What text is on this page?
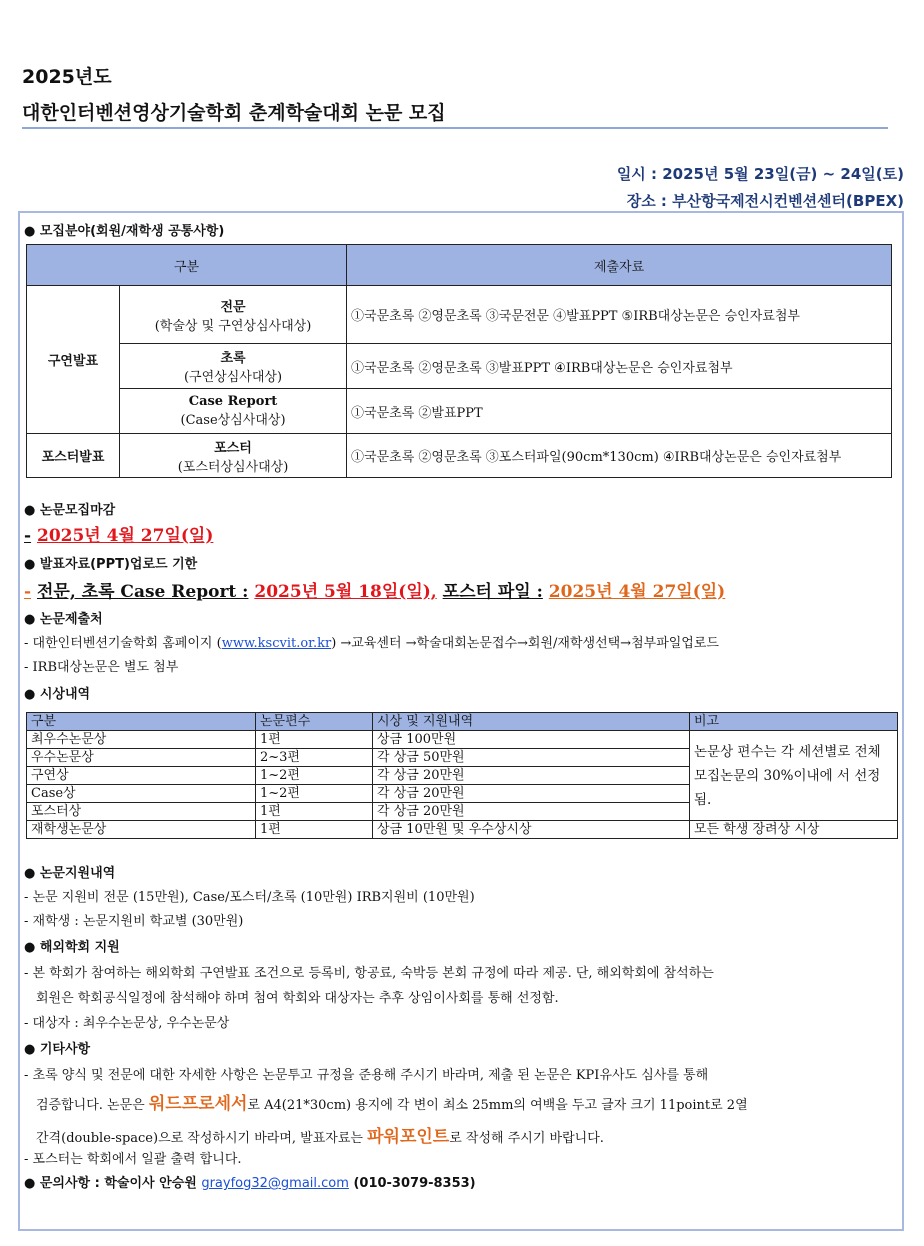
2025년도
대한인터벤션영상기술학회 춘계학술대회 논문 모집
일시 : 2025년 5월 23일(금) ~ 24일(토)
장소 : 부산항국제전시컨벤션센터(BPEX)
● 모집분야(회원/재학생 공통사항)
구분		제출자료
구연발표	전문
(학술상 및 구연상심사대상)	①국문초록 ②영문초록 ③국문전문 ④발표PPT ⑤IRB대상논문은 승인자료첨부
	초록
(구연상심사대상)	①국문초록 ②영문초록 ③발표PPT ④IRB대상논문은 승인자료첨부
	Case Report
(Case상심사대상)	①국문초록 ②발표PPT
포스터발표	포스터
(포스터상심사대상)	①국문초록 ②영문초록 ③포스터파일(90cm*130cm) ④IRB대상논문은 승인자료첨부
● 논문모집마감
- 2025년 4월 27일(일)
● 발표자료(PPT)업로드 기한
- 전문, 초록 Case Report : 2025년 5월 18일(일), 포스터 파일 : 2025년 4월 27일(일)
● 논문제출처
- 대한인터벤션기술학회 홈페이지 (www.kscvit.or.kr) →교육센터 →학술대회논문접수→회원/재학생선택→첨부파일업로드
- IRB대상논문은 별도 첨부
● 시상내역
구분	논문편수	시상 및 지원내역	비고
최우수논문상	1편	상금 100만원	논문상 편수는 각 세션별로 전체 모집논문의 30%이내에 서 선정됨.
우수논문상	2~3편	각 상금 50만원	
구연상	1~2편	각 상금 20만원	
Case상	1~2편	각 상금 20만원	
포스터상	1편	각 상금 20만원	
재학생논문상	1편	상금 10만원 및 우수상시상	모든 학생 장려상 시상
● 논문지원내역
- 논문 지원비 전문 (15만원), Case/포스터/초록 (10만원) IRB지원비 (10만원)
- 재학생 : 논문지원비 학교별 (30만원)
● 해외학회 지원
- 본 학회가 참여하는 해외학회 구연발표 조건으로 등록비, 항공료, 숙박등 본회 규정에 따라 제공. 단, 해외학회에 참석하는
회원은 학회공식일정에 참석해야 하며 첨여 학회와 대상자는 추후 상임이사회를 통해 선정함.
- 대상자 : 최우수논문상, 우수논문상
● 기타사항
- 초록 양식 및 전문에 대한 자세한 사항은 논문투고 규정을 준용해 주시기 바라며, 제출 된 논문은 KPI유사도 심사를 통해
검증합니다. 논문은 워드프로세서로 A4(21*30cm) 용지에 각 변이 최소 25mm의 여백을 두고 글자 크기 11point로 2열
간격(double-space)으로 작성하시기 바라며, 발표자료는 파워포인트로 작성해 주시기 바랍니다.
- 포스터는 학회에서 일괄 출력 합니다.
● 문의사항 : 학술이사 안승원 grayfog32@gmail.com (010-3079-8353)
